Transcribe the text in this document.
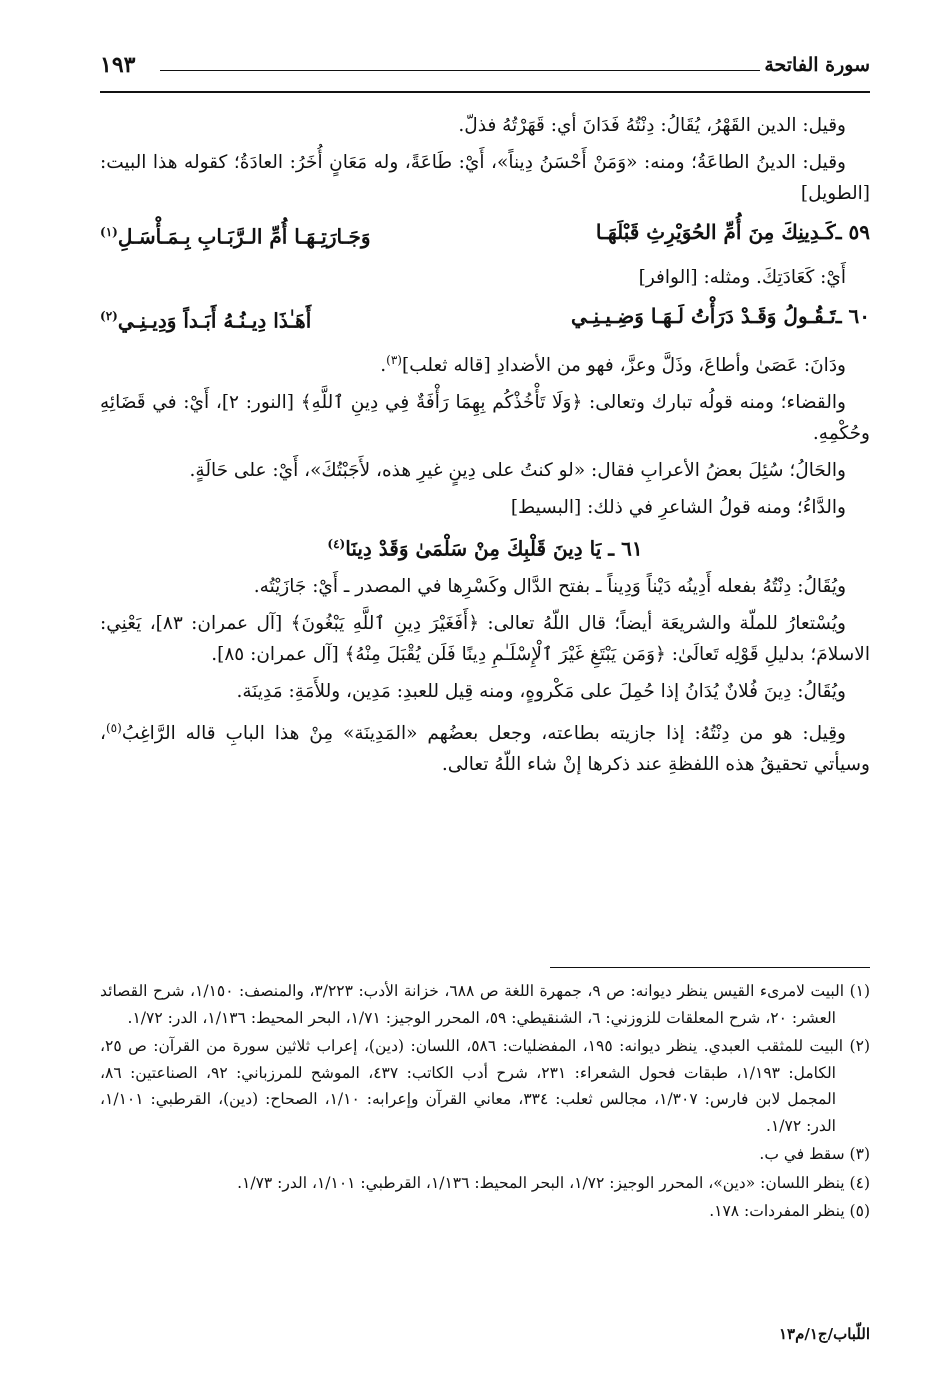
سورة الفاتحة
١٩٣

وقيل: الدين القَهْرُ، يُقَالُ: دِنْتُهُ فَدَانَ أي: قَهَرْتُهُ فذلّ.

وقيل: الدينُ الطاعَةُ؛ ومنه: «وَمَنْ أَحْسَنُ دِيناً»، أَيْ: طَاعَةً، وله مَعَانٍ أُخَرُ: العادَةُ؛ كقوله هذا البيت: [الطويل]

٥٩ ـ
كَـدِينِكَ مِنَ أُمِّ الحُوَيْرِثِ قَبْلَهَـا
وَجَـارَتِـهَـا أُمِّ الـرَّبَـابِ بِـمَـأْسَـلِ$^{(١)}$

أَيْ: كَعَادَتِكَ. ومثله: [الوافر]

٦٠ ـ
تَـقُـولُ وَقَـدْ دَرَأْتُ لَـهَـا وَضِـيـنِـي
أَهَـٰذَا دِيـنُـهُ أَبَـداً وَدِيـنِـي$^{(٢)}$

ودَانَ: عَصَىٰ وأطاعَ، وذَلَّ وعزَّ، فهو من الأضدادِ [قاله ثعلب]$^{(٣)}$.

والقضاء؛ ومنه قولُه تبارك وتعالى: ﴿وَلَا تَأْخُذْكُم بِهِمَا رَأْفَةٌ فِي دِينِ ٱللَّهِ﴾ [النور: ٢]، أَيْ: في قَضَائِهِ وحُكْمِهِ.

والحَالُ؛ سُئِلَ بعضُ الأعرابِ فقال: «لو كنتُ على دِينٍ غيرِ هذه، لأَجَبْتُكَ»، أَيْ: على حَالَةٍ.

والدَّاءُ؛ ومنه قولُ الشاعرِ في ذلك: [البسيط]

٦١ ـ يَا دِينَ قَلْبِكَ مِنْ سَلْمَىٰ وَقَدْ دِينَا$^{(٤)}$

ويُقَالُ: دِنْتُهُ بفعله أَدِينُه دَيْناً وَدِيناً ـ بفتح الدَّال وكَسْرِها في المصدر ـ أَيْ: جَازَيْتُه.

ويُسْتعارُ للملّة والشريعَة أيضاً؛ قال اللّهُ تعالى: ﴿أَفَغَيْرَ دِينِ ٱللَّهِ يَبْغُونَ﴾ [آل عمران: ٨٣]، يَعْنِي: الاسلامَ؛ بدليلِ قَوْلِه تَعالَىٰ: ﴿وَمَن يَبْتَغِ غَيْرَ ٱلْإِسْلَـٰمِ دِينًا فَلَن يُقْبَلَ مِنْهُ﴾ [آل عمران: ٨٥].

ويُقَالُ: دِينَ فُلانٌ يُدَانُ إذا حُمِلَ على مَكْروهٍ، ومنه قِيل للعبدِ: مَدِين، وللأَمَةِ: مَدِينَة.

وقِيل: هو من دِنْتُهُ: إذا جازيته بطاعته، وجعل بعضُهم «المَدِينَة» مِنْ هذا البابِ قاله الرَّاغِبُ$^{(٥)}$، وسيأتي تحقيقُ هذه اللفظةِ عند ذكرها إنْ شاء اللّهُ تعالى.

(١) البيت لامرىء القيس ينظر ديوانه: ص ٩، جمهرة اللغة ص ٦٨٨، خزانة الأدب: ٣/٢٢٣، والمنصف: ١/١٥٠، شرح القصائد العشر: ٢٠، شرح المعلقات للزوزني: ٦، الشنقيطي: ٥٩، المحرر الوجيز: ١/٧١، البحر المحيط: ١/١٣٦، الدر: ١/٧٢.

(٢) البيت للمثقب العبدي. ينظر ديوانه: ١٩٥، المفضليات: ٥٨٦، اللسان: (دين)، إعراب ثلاثين سورة من القرآن: ص ٢٥، الكامل: ١/١٩٣، طبقات فحول الشعراء: ٢٣١، شرح أدب الكاتب: ٤٣٧، الموشح للمرزباني: ٩٢، الصناعتين: ٨٦، المجمل لابن فارس: ١/٣٠٧، مجالس ثعلب: ٣٣٤، معاني القرآن وإعرابه: ١/١٠، الصحاح: (دين)، القرطبي: ١/١٠١، الدر: ١/٧٢.

(٣) سقط في ب.

(٤) ينظر اللسان: «دين»، المحرر الوجيز: ١/٧٢، البحر المحيط: ١/١٣٦، القرطبي: ١/١٠١، الدر: ١/٧٣.

(٥) ينظر المفردات: ١٧٨.

اللّباب/ج١/م١٣
